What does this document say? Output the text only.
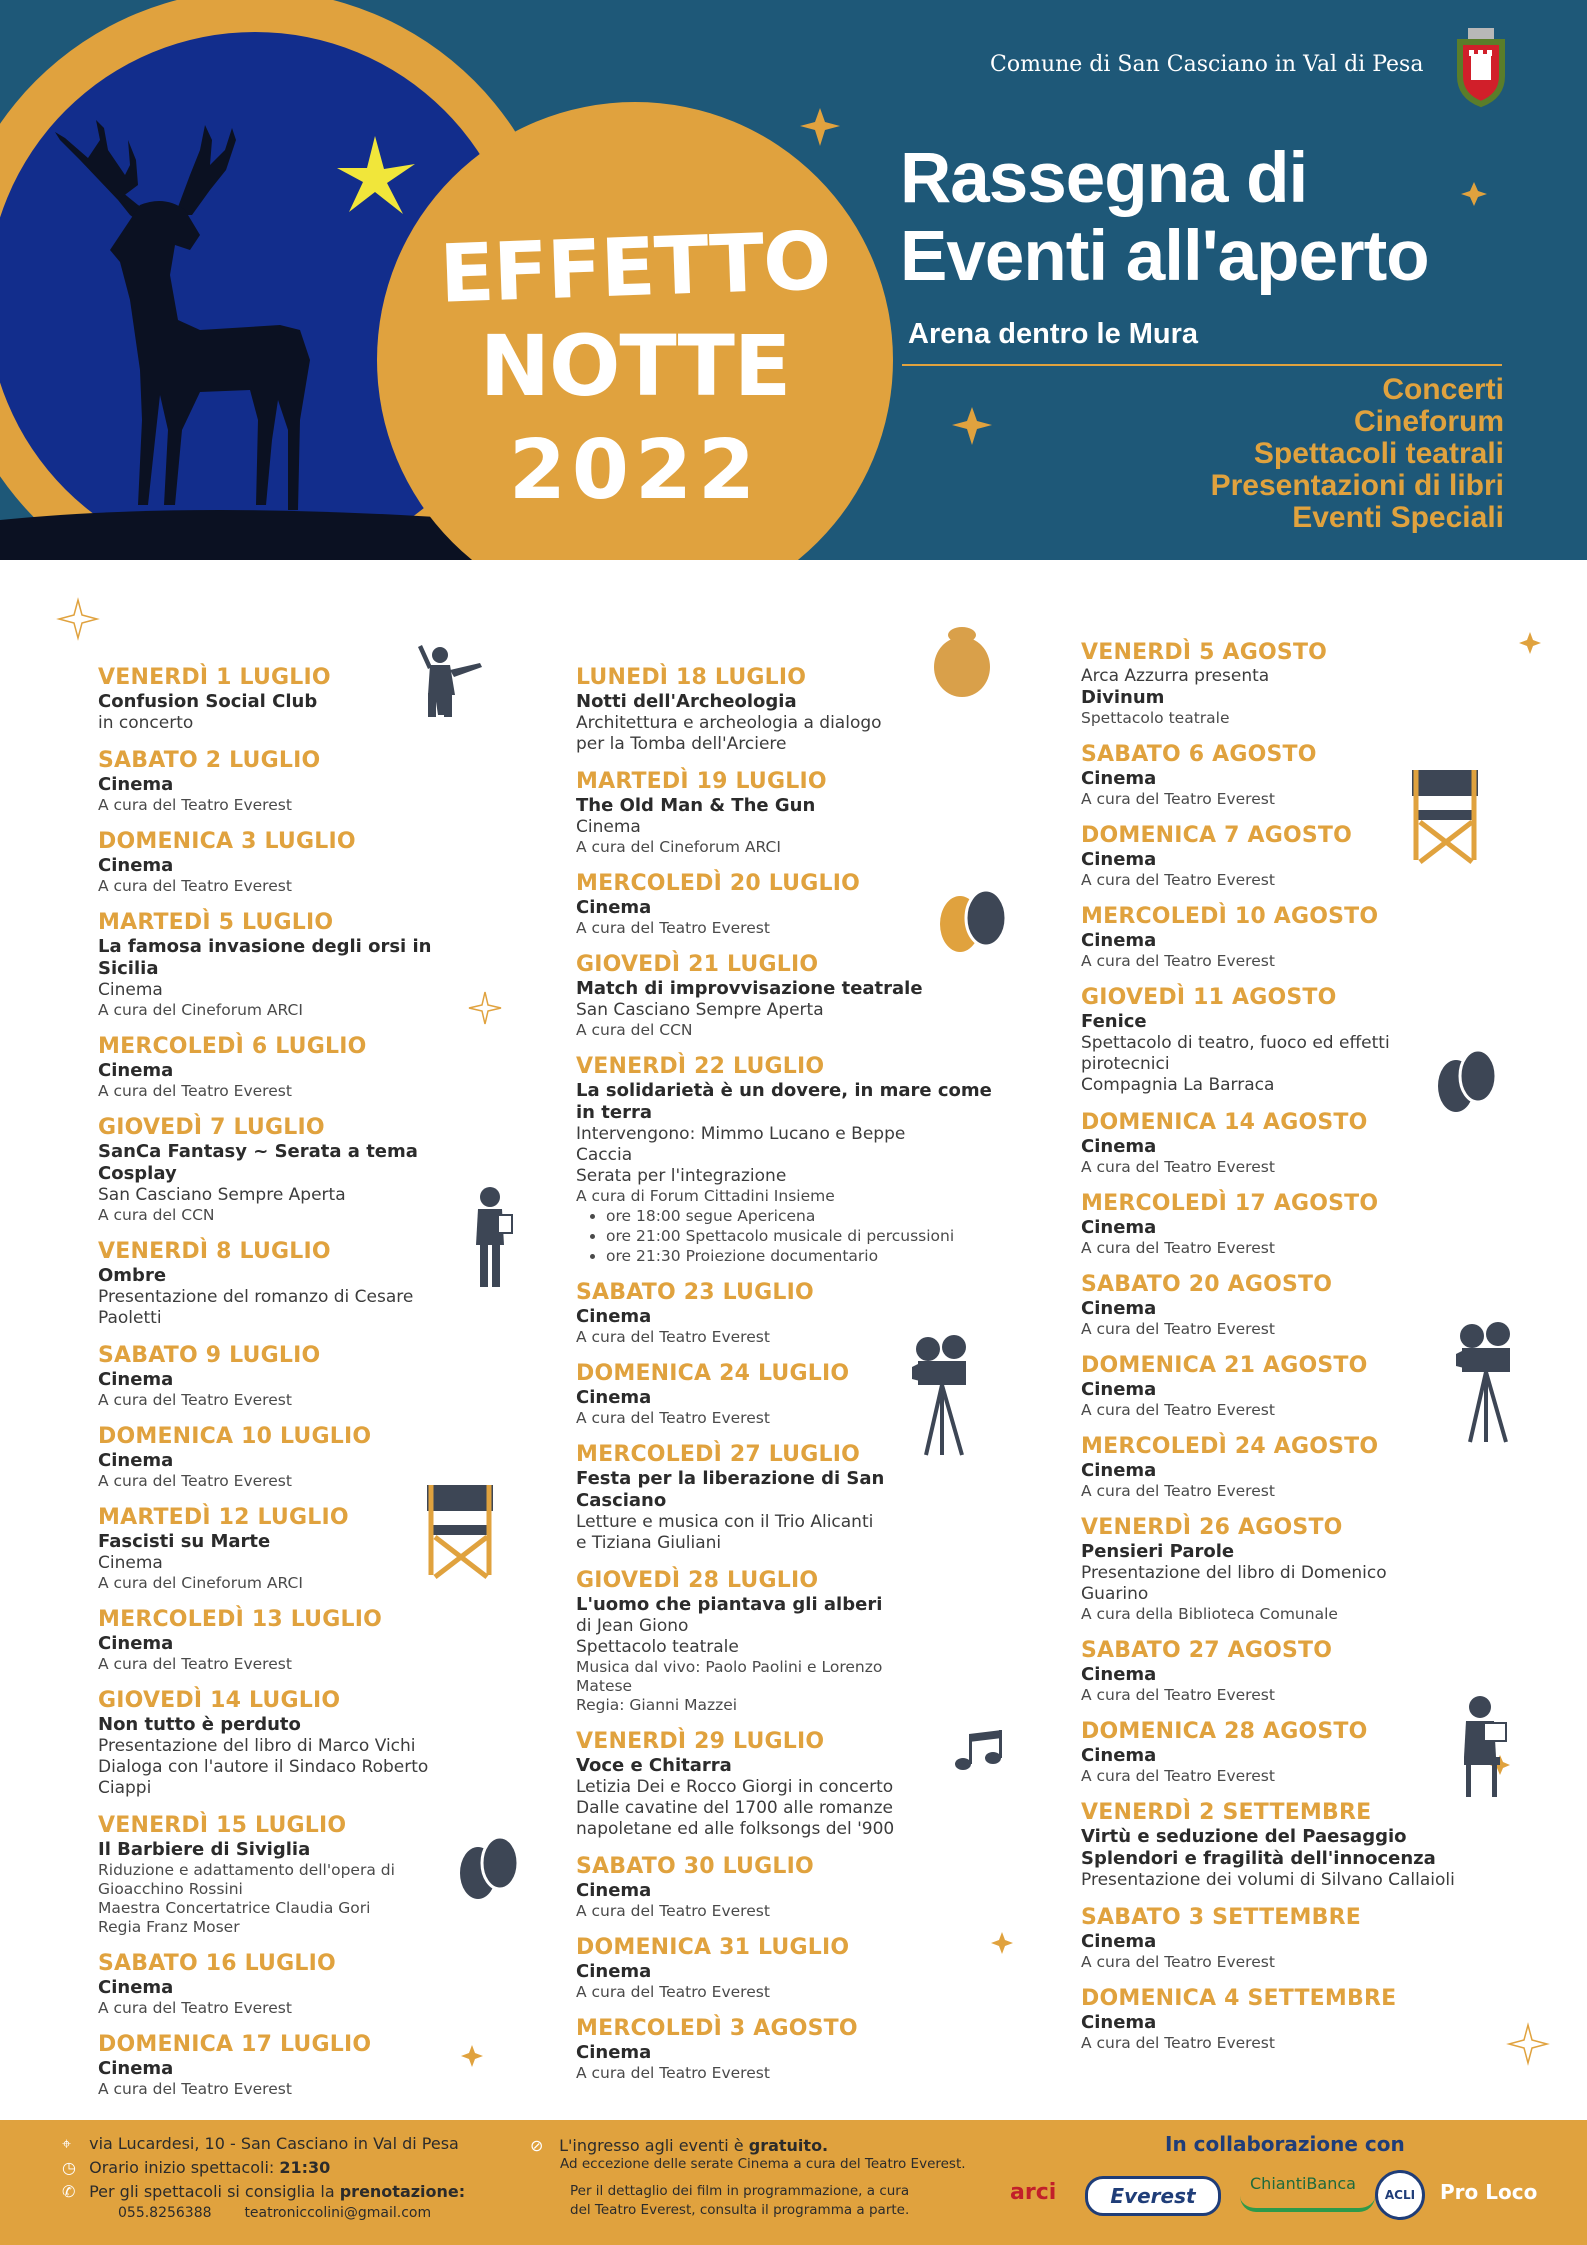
Comune di San Casciano in Val di Pesa
Rassegna di
Eventi all'aperto
Arena dentro le Mura
Concerti
Cineforum
Spettacoli teatrali
Presentazioni di libri
Eventi Speciali
EFFETTO
NOTTE
2022
VENERDÌ 1 LUGLIO
Confusion Social Club
in concerto
SABATO 2 LUGLIO
Cinema
A cura del Teatro Everest
DOMENICA 3 LUGLIO
Cinema
A cura del Teatro Everest
MARTEDÌ 5 LUGLIO
La famosa invasione degli orsi in Sicilia
Cinema
A cura del Cineforum ARCI
MERCOLEDÌ 6 LUGLIO
Cinema
A cura del Teatro Everest
GIOVEDÌ 7 LUGLIO
SanCa Fantasy ~ Serata a tema
Cosplay
San Casciano Sempre Aperta
A cura del CCN
VENERDÌ 8 LUGLIO
Ombre
Presentazione del romanzo di Cesare
Paoletti
SABATO 9 LUGLIO
Cinema
A cura del Teatro Everest
DOMENICA 10 LUGLIO
Cinema
A cura del Teatro Everest
MARTEDÌ 12 LUGLIO
Fascisti su Marte
Cinema
A cura del Cineforum ARCI
MERCOLEDÌ 13 LUGLIO
Cinema
A cura del Teatro Everest
GIOVEDÌ 14 LUGLIO
Non tutto è perduto
Presentazione del libro di Marco Vichi
Dialoga con l'autore il Sindaco Roberto
Ciappi
VENERDÌ 15 LUGLIO
Il Barbiere di Siviglia
Riduzione e adattamento dell'opera di
Gioacchino Rossini
Maestra Concertatrice Claudia Gori
Regia Franz Moser
SABATO 16 LUGLIO
Cinema
A cura del Teatro Everest
DOMENICA 17 LUGLIO
Cinema
A cura del Teatro Everest
LUNEDÌ 18 LUGLIO
Notti dell'Archeologia
Architettura e archeologia a dialogo
per la Tomba dell'Arciere
MARTEDÌ 19 LUGLIO
The Old Man & The Gun
Cinema
A cura del Cineforum ARCI
MERCOLEDÌ 20 LUGLIO
Cinema
A cura del Teatro Everest
GIOVEDÌ 21 LUGLIO
Match di improvvisazione teatrale
San Casciano Sempre Aperta
A cura del CCN
VENERDÌ 22 LUGLIO
La solidarietà è un dovere, in mare come
in terra
Intervengono: Mimmo Lucano e Beppe
Caccia
Serata per l'integrazione
A cura di Forum Cittadini Insieme
• ore 18:00 segue Apericena
• ore 21:00 Spettacolo musicale di percussioni
• ore 21:30 Proiezione documentario
SABATO 23 LUGLIO
Cinema
A cura del Teatro Everest
DOMENICA 24 LUGLIO
Cinema
A cura del Teatro Everest
MERCOLEDÌ 27 LUGLIO
Festa per la liberazione di San
Casciano
Letture e musica con il Trio Alicanti
e Tiziana Giuliani
GIOVEDÌ 28 LUGLIO
L'uomo che piantava gli alberi
di Jean Giono
Spettacolo teatrale
Musica dal vivo: Paolo Paolini e Lorenzo
Matese
Regia: Gianni Mazzei
VENERDÌ 29 LUGLIO
Voce e Chitarra
Letizia Dei e Rocco Giorgi in concerto
Dalle cavatine del 1700 alle romanze
napoletane ed alle folksongs del '900
SABATO 30 LUGLIO
Cinema
A cura del Teatro Everest
DOMENICA 31 LUGLIO
Cinema
A cura del Teatro Everest
MERCOLEDÌ 3 AGOSTO
Cinema
A cura del Teatro Everest
VENERDÌ 5 AGOSTO
Arca Azzurra presenta
Divinum
Spettacolo teatrale
SABATO 6 AGOSTO
Cinema
A cura del Teatro Everest
DOMENICA 7 AGOSTO
Cinema
A cura del Teatro Everest
MERCOLEDÌ 10 AGOSTO
Cinema
A cura del Teatro Everest
GIOVEDÌ 11 AGOSTO
Fenice
Spettacolo di teatro, fuoco ed effetti
pirotecnici
Compagnia La Barraca
DOMENICA 14 AGOSTO
Cinema
A cura del Teatro Everest
MERCOLEDÌ 17 AGOSTO
Cinema
A cura del Teatro Everest
SABATO 20 AGOSTO
Cinema
A cura del Teatro Everest
DOMENICA 21 AGOSTO
Cinema
A cura del Teatro Everest
MERCOLEDÌ 24 AGOSTO
Cinema
A cura del Teatro Everest
VENERDÌ 26 AGOSTO
Pensieri Parole
Presentazione del libro di Domenico
Guarino
A cura della Biblioteca Comunale
SABATO 27 AGOSTO
Cinema
A cura del Teatro Everest
DOMENICA 28 AGOSTO
Cinema
A cura del Teatro Everest
VENERDÌ 2 SETTEMBRE
Virtù e seduzione del Paesaggio
Splendori e fragilità dell'innocenza
Presentazione dei volumi di Silvano Callaioli
SABATO 3 SETTEMBRE
Cinema
A cura del Teatro Everest
DOMENICA 4 SETTEMBRE
Cinema
A cura del Teatro Everest
⌖ via Lucardesi, 10 - San Casciano in Val di Pesa
◷ Orario inizio spettacoli: 21:30
✆ Per gli spettacoli si consiglia la prenotazione:
055.8256388 teatroniccolini@gmail.com
⊘ L'ingresso agli eventi è gratuito.
Ad eccezione delle serate Cinema a cura del Teatro Everest.
Per il dettaglio dei film in programmazione, a cura
del Teatro Everest, consulta il programma a parte.
In collaborazione con
arci	Everest
ChiantiBanca
ACLI	Pro Loco
